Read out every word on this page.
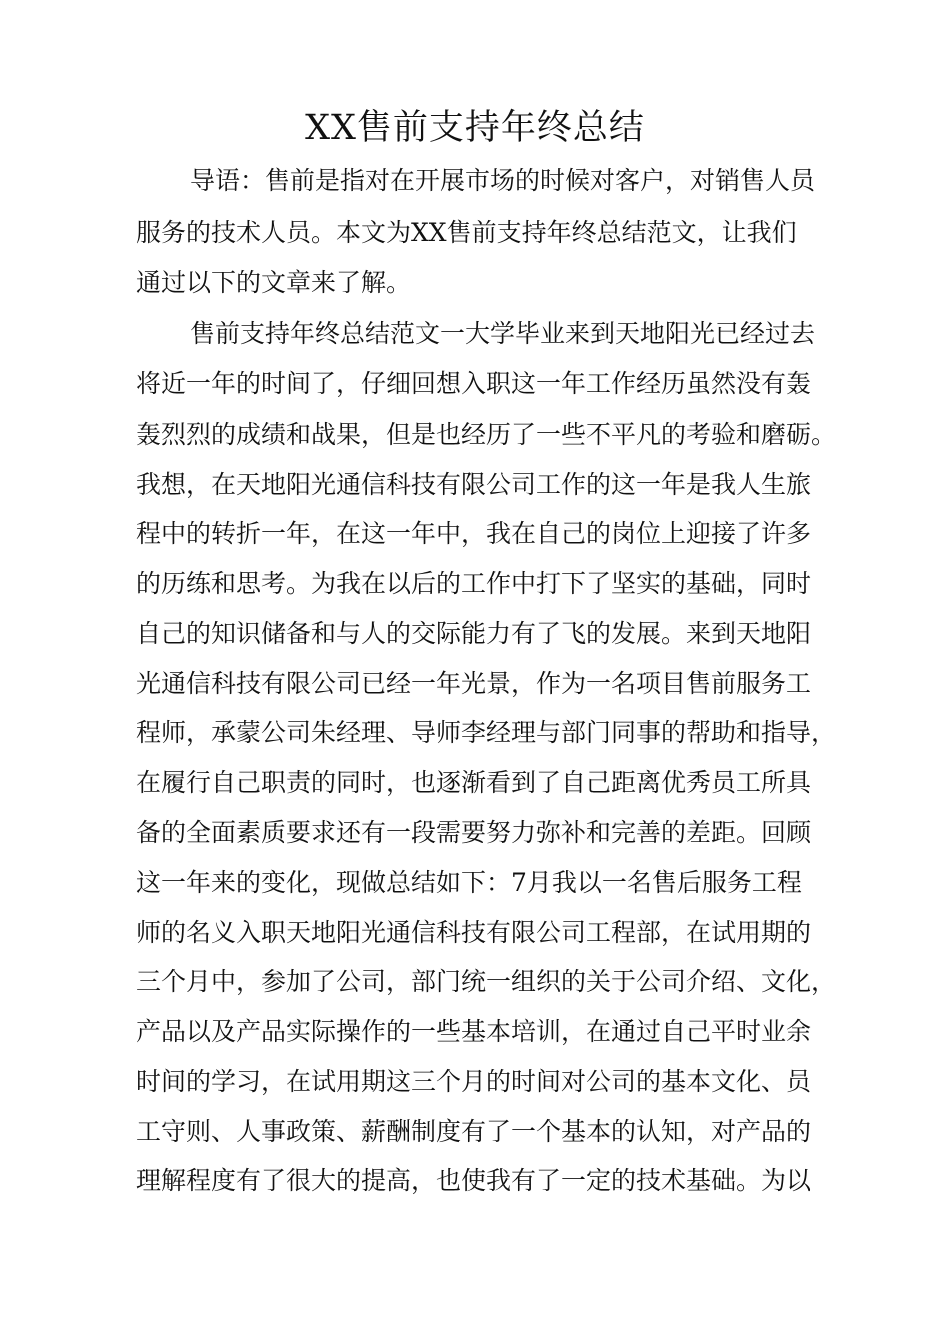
XX售前支持年终总结
导语：售前是指对在开展市场的时候对客户，对销售人员
服务的技术人员。本文为XX售前支持年终总结范文，让我们
通过以下的文章来了解。
售前支持年终总结范文一大学毕业来到天地阳光已经过去
将近一年的时间了，仔细回想入职这一年工作经历虽然没有轰
轰烈烈的成绩和战果，但是也经历了一些不平凡的考验和磨砺。
我想，在天地阳光通信科技有限公司工作的这一年是我人生旅
程中的转折一年，在这一年中，我在自己的岗位上迎接了许多
的历练和思考。为我在以后的工作中打下了坚实的基础，同时
自己的知识储备和与人的交际能力有了飞的发展。来到天地阳
光通信科技有限公司已经一年光景，作为一名项目售前服务工
程师，承蒙公司朱经理、导师李经理与部门同事的帮助和指导，
在履行自己职责的同时，也逐渐看到了自己距离优秀员工所具
备的全面素质要求还有一段需要努力弥补和完善的差距。回顾
这一年来的变化，现做总结如下：7月我以一名售后服务工程
师的名义入职天地阳光通信科技有限公司工程部，在试用期的
三个月中，参加了公司，部门统一组织的关于公司介绍、文化，
产品以及产品实际操作的一些基本培训，在通过自己平时业余
时间的学习，在试用期这三个月的时间对公司的基本文化、员
工守则、人事政策、薪酬制度有了一个基本的认知，对产品的
理解程度有了很大的提高，也使我有了一定的技术基础。为以
